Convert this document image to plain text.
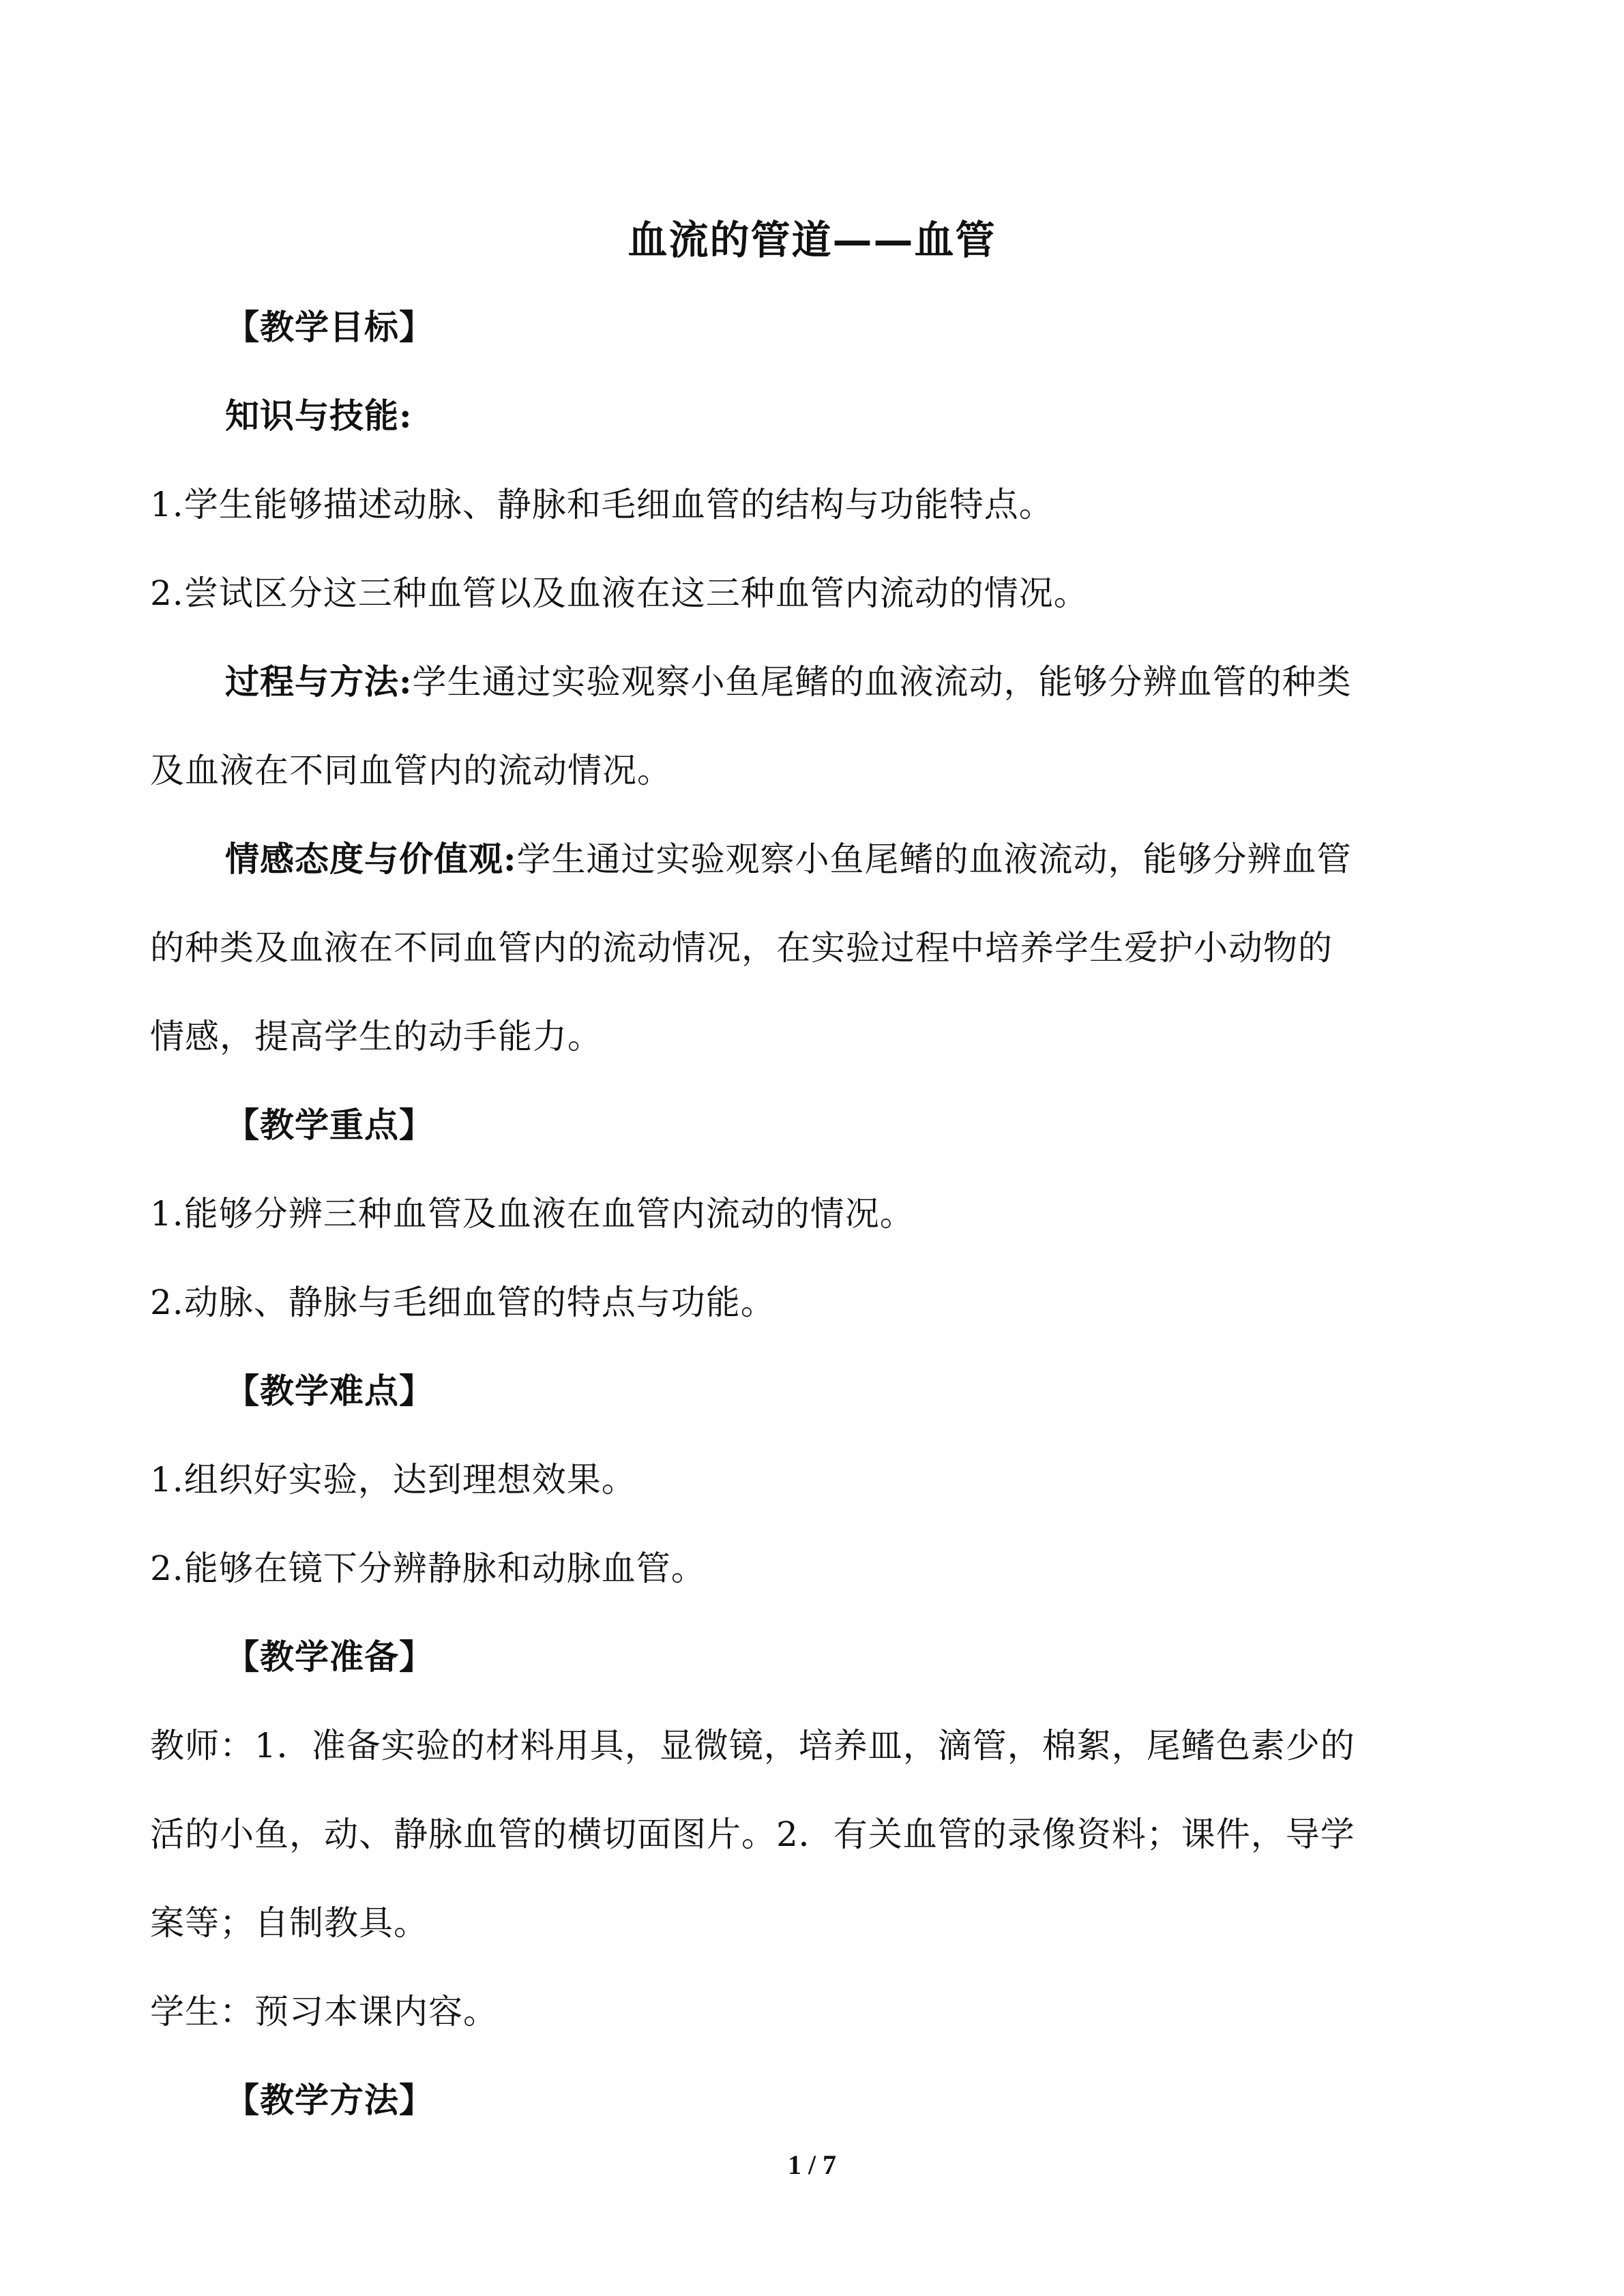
血流的管道——血管
【教学目标】
知识与技能:
1.学生能够描述动脉、静脉和毛细血管的结构与功能特点。
2.尝试区分这三种血管以及血液在这三种血管内流动的情况。
过程与方法:学生通过实验观察小鱼尾鳍的血液流动，能够分辨血管的种类
及血液在不同血管内的流动情况。
情感态度与价值观:学生通过实验观察小鱼尾鳍的血液流动，能够分辨血管
的种类及血液在不同血管内的流动情况，在实验过程中培养学生爱护小动物的
情感，提高学生的动手能力。
【教学重点】
1.能够分辨三种血管及血液在血管内流动的情况。
2.动脉、静脉与毛细血管的特点与功能。
【教学难点】
1.组织好实验，达到理想效果。
2.能够在镜下分辨静脉和动脉血管。
【教学准备】
教师：1．准备实验的材料用具，显微镜，培养皿，滴管，棉絮，尾鳍色素少的
活的小鱼，动、静脉血管的横切面图片。2．有关血管的录像资料；课件，导学
案等；自制教具。
学生：预习本课内容。
【教学方法】
1 / 7
